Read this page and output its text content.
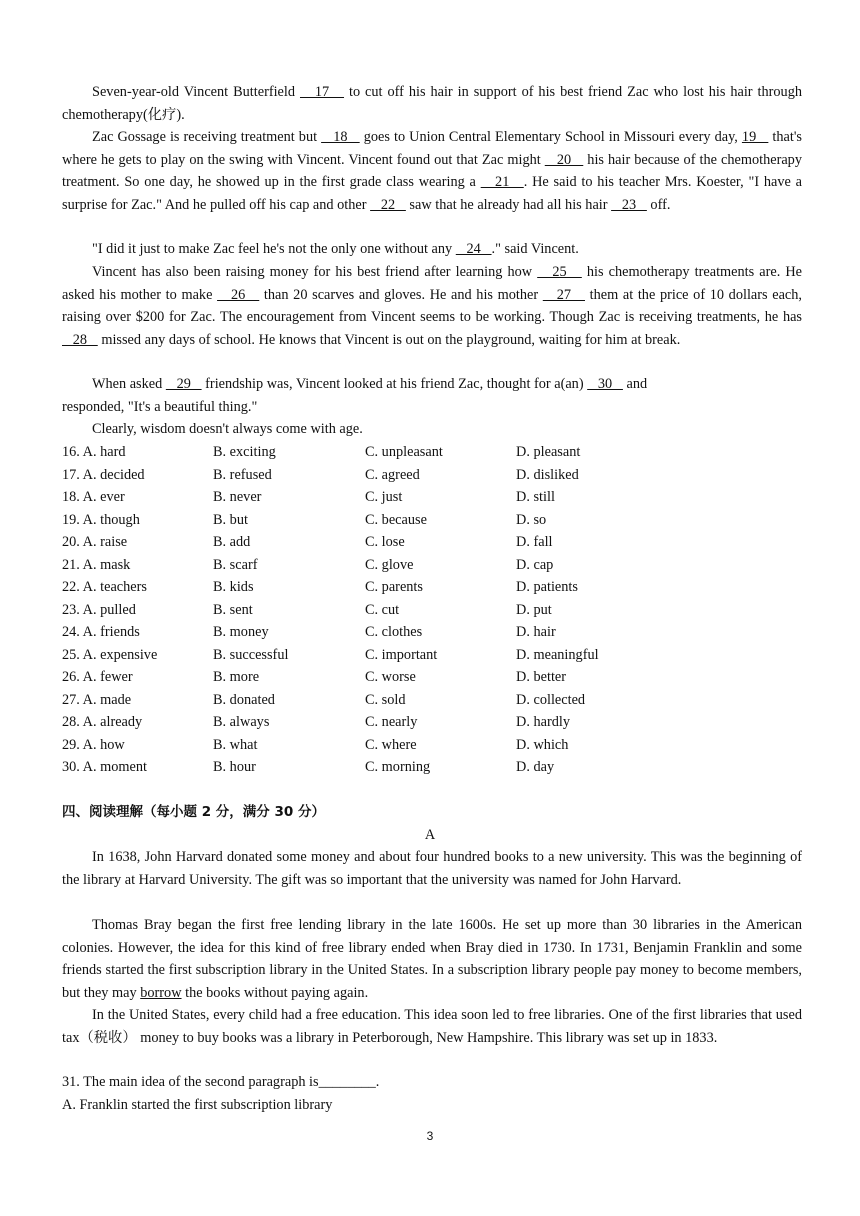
Seven-year-old Vincent Butterfield    17    to cut off his hair in support of his best friend Zac who lost his hair through chemotherapy(化疗).

Zac Gossage is receiving treatment but    18    goes to Union Central Elementary School in Missouri every day, 19    that's where he gets to play on the swing with Vincent. Vincent found out that Zac might    20    his hair because of the chemotherapy treatment. So one day, he showed up in the first grade class wearing a    21   . He said to his teacher Mrs. Koester, "I have a surprise for Zac." And he pulled off his cap and other    22    saw that he already had all his hair    23    off.

"I did it just to make Zac feel he's not the only one without any    24   ." said Vincent.

Vincent has also been raising money for his best friend after learning how    25    his chemotherapy treatments are. He asked his mother to make    26    than 20 scarves and gloves. He and his mother    27    them at the price of 10 dollars each, raising over $200 for Zac. The encouragement from Vincent seems to be working. Though Zac is receiving treatments, he has    28    missed any days of school. He knows that Vincent is out on the playground, waiting for him at break.

When asked    29    friendship was, Vincent looked at his friend Zac, thought for a(an)    30    and
responded, "It's a beautiful thing."
Clearly, wisdom doesn't always come with age.
16. A. hard	B. exciting	C. unpleasant	D. pleasant
17. A. decided	B. refused	C. agreed	D. disliked
18. A. ever	B. never	C. just	D. still
19. A. though	B. but	C. because	D. so
20. A. raise	B. add	C. lose	D. fall
21. A. mask	B. scarf	C. glove	D. cap
22. A. teachers	B. kids	C. parents	D. patients
23. A. pulled	B. sent	C. cut	D. put
24. A. friends	B. money	C. clothes	D. hair
25. A. expensive	B. successful	C. important	D. meaningful
26. A. fewer	B. more	C. worse	D. better
27. A. made	B. donated	C. sold	D. collected
28. A. already	B. always	C. nearly	D. hardly
29. A. how	B. what	C. where	D. which
30. A. moment	B. hour	C. morning	D. day
四、阅读理解（每小题 2 分，满分 30 分）
A

In 1638, John Harvard donated some money and about four hundred books to a new university. This was the beginning of the library at Harvard University. The gift was so important that the university was named for John Harvard.

Thomas Bray began the first free lending library in the late 1600s. He set up more than 30 libraries in the American colonies. However, the idea for this kind of free library ended when Bray died in 1730. In 1731, Benjamin Franklin and some friends started the first subscription library in the United States. In a subscription library people pay money to become members, but they may borrow the books without paying again.

In the United States, every child had a free education. This idea soon led to free libraries. One of the first libraries that used tax（税收） money to buy books was a library in Peterborough, New Hampshire. This library was set up in 1833.

31. The main idea of the second paragraph is________.
A. Franklin started the first subscription library
3
